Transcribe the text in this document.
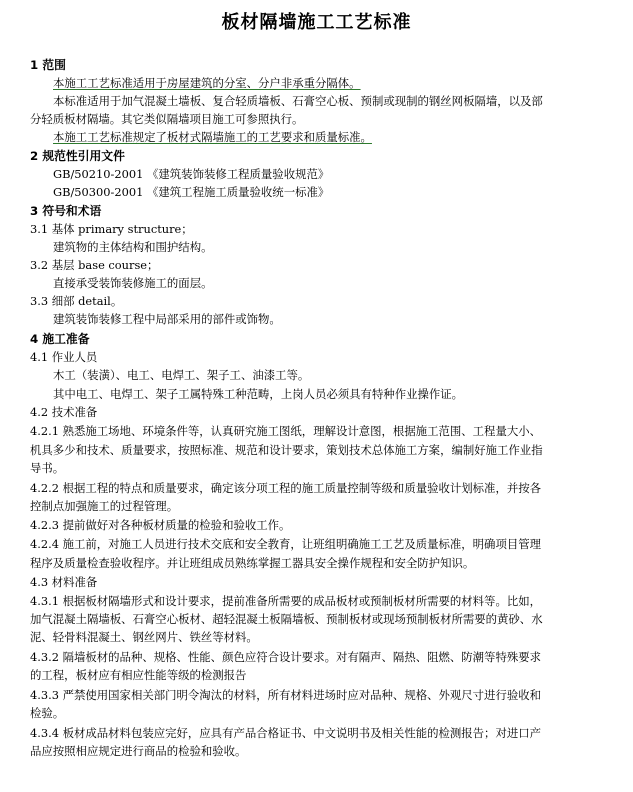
板材隔墙施工工艺标准
1 范围
本施工工艺标准适用于房屋建筑的分室、分户非承重分隔体。
本标准适用于加气混凝土墙板、复合轻质墙板、石膏空心板、预制或现制的钢丝网板隔墙，以及部
分轻质板材隔墙。其它类似隔墙项目施工可参照执行。
本施工工艺标准规定了板材式隔墙施工的工艺要求和质量标准。
2 规范性引用文件
GB/50210-2001 《建筑装饰装修工程质量验收规范》
GB/50300-2001 《建筑工程施工质量验收统一标准》
3 符号和术语
3.1 基体 primary structure；
建筑物的主体结构和围护结构。
3.2 基层 base course；
直接承受装饰装修施工的面层。
3.3 细部 detail。
建筑装饰装修工程中局部采用的部件或饰物。
4 施工准备
4.1 作业人员
木工（装潢）、电工、电焊工、架子工、油漆工等。
其中电工、电焊工、架子工属特殊工种范畴，上岗人员必须具有特种作业操作证。
4.2 技术准备
4.2.1 熟悉施工场地、环境条件等，认真研究施工图纸，理解设计意图，根据施工范围、工程量大小、
机具多少和技术、质量要求，按照标准、规范和设计要求，策划技术总体施工方案，编制好施工作业指
导书。
4.2.2 根据工程的特点和质量要求，确定该分项工程的施工质量控制等级和质量验收计划标准，并按各
控制点加强施工的过程管理。
4.2.3 提前做好对各种板材质量的检验和验收工作。
4.2.4 施工前，对施工人员进行技术交底和安全教育，让班组明确施工工艺及质量标准，明确项目管理
程序及质量检查验收程序。并让班组成员熟练掌握工器具安全操作规程和安全防护知识。
4.3 材料准备
4.3.1 根据板材隔墙形式和设计要求，提前准备所需要的成品板材或预制板材所需要的材料等。比如，
加气混凝土隔墙板、石膏空心板材、超轻混凝土板隔墙板、预制板材或现场预制板材所需要的黄砂、水
泥、轻骨料混凝土、钢丝网片、铁丝等材料。
4.3.2 隔墙板材的品种、规格、性能、颜色应符合设计要求。对有隔声、隔热、阻燃、防潮等特殊要求
的工程，板材应有相应性能等级的检测报告
4.3.3 严禁使用国家相关部门明令淘汰的材料，所有材料进场时应对品种、规格、外观尺寸进行验收和
检验。
4.3.4 板材成品材料包装应完好，应具有产品合格证书、中文说明书及相关性能的检测报告；对进口产
品应按照相应规定进行商品的检验和验收。
